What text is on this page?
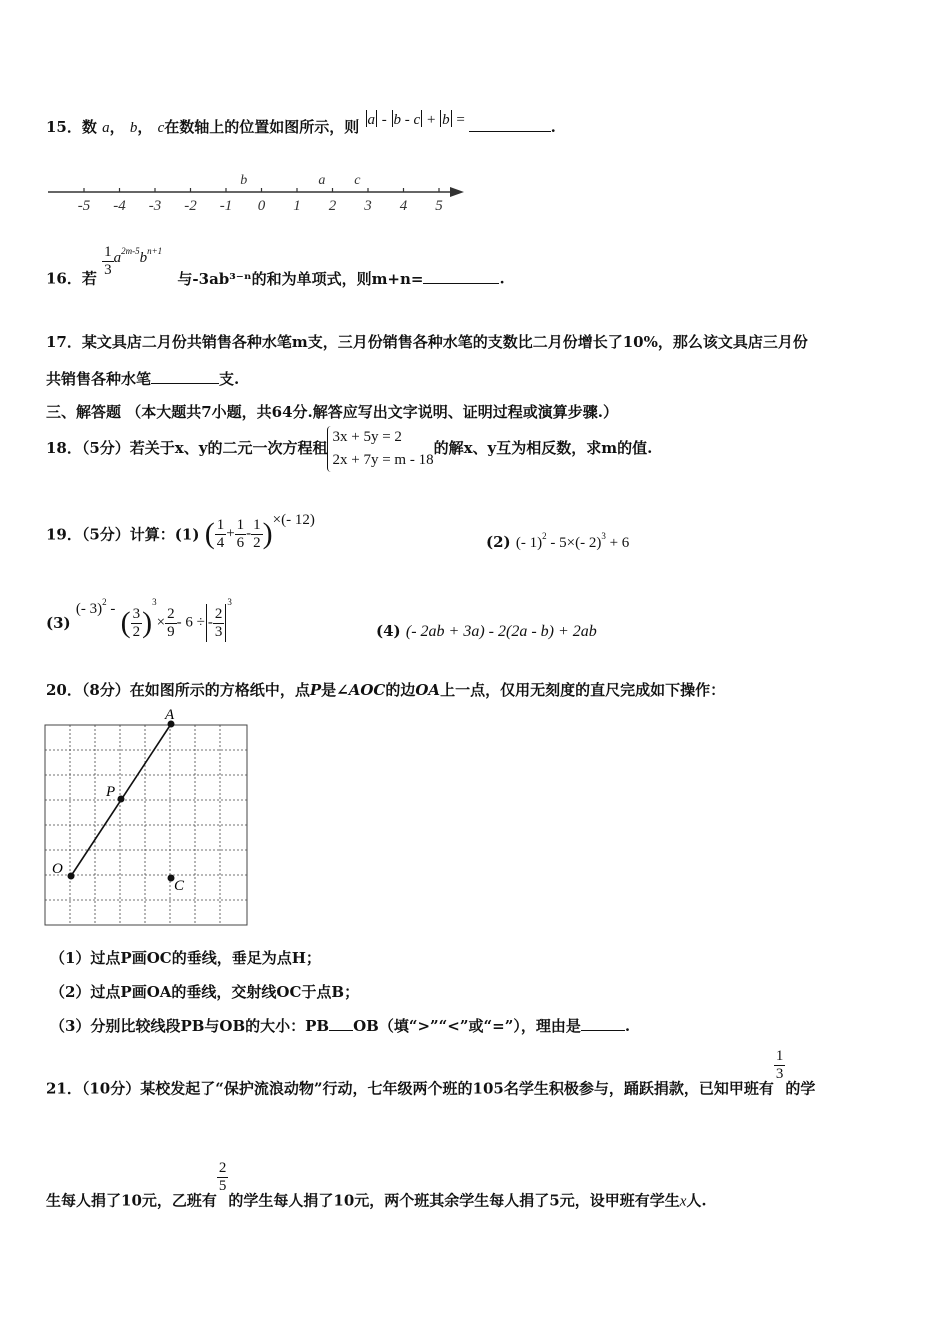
15．数 a， b， c在数轴上的位置如图所示，则 a - b - c + b =	.
-5 -4 -3 -2 -1 0 1 2 3 4 5
b	a c
16．若 $\frac{1}{3} a^{2m-5}b^{n+1}$ 与-3ab³⁻ⁿ的和为单项式，则m+n=	.
17．某文具店二月份共销售各种水笔m支，三月份销售各种水笔的支数比二月份增长了10%，那么该文具店三月份
共销售各种水笔	支.
三、解答题 （本大题共7小题，共64分.解答应写出文字说明、证明过程或演算步骤.）
18．（5分）若关于x、y的二元一次方程租
3x + 5y = 2
2x + 7y = m - 18
的解x、y互为相反数，求m的值.
19．（5分）计算：(1) ( $\frac{1}{4} + \frac{1}{6} - \frac{1}{2}$ )×(- 12)
(2) (- 1)$^2$ - 5×(- 2)$^3$ + 6
(3) (- 3)$^2$ - ( $\frac{3}{2} )^3\times \frac{2}{9} - 6$ ÷ - $\frac{2}{3}$
$^3$
(4) (- 2ab + 3a) - 2(2a - b) + 2ab
20．（8分）在如图所示的方格纸中，点P是∠AOC的边OA上一点，仅用无刻度的直尺完成如下操作：
A
P
O
C
（1）过点P画OC的垂线，垂足为点H；
（2）过点P画OA的垂线，交射线OC于点B；
（3）分别比较线段PB与OB的大小：PB OB（填“>”“<”或“=”），理由是	.
21．（10分）某校发起了“保护流浪动物”行动，七年级两个班的105名学生积极参与，踊跃捐款，已知甲班有
$\frac{1}{3}$
的学
生每人捐了10元，乙班有
$\frac{2}{5}$
的学生每人捐了10元，两个班其余学生每人捐了5元，设甲班有学生x人.
